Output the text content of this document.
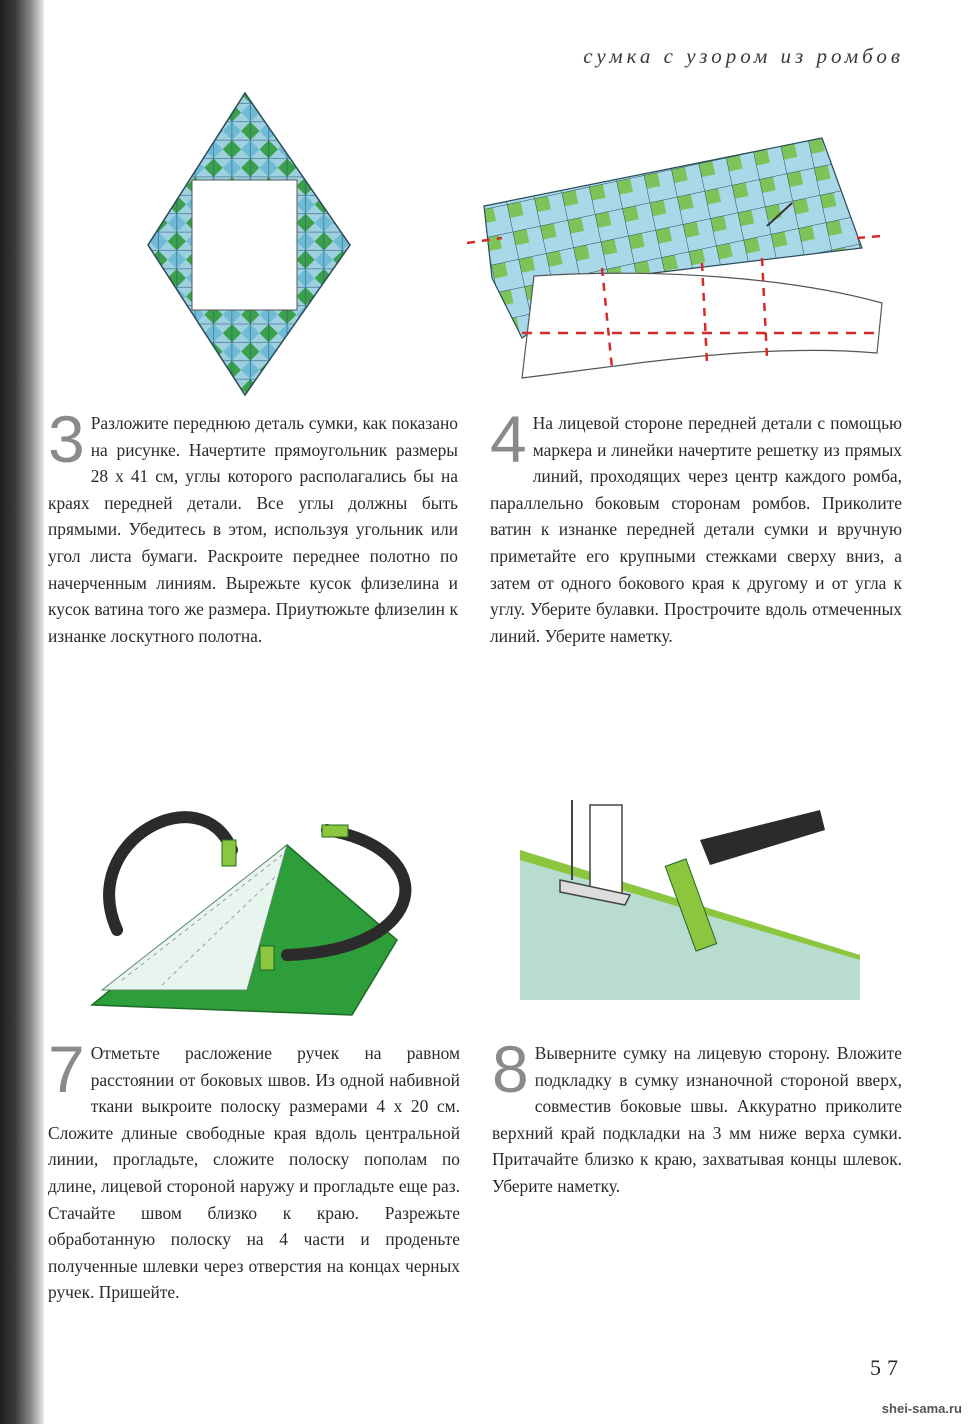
сумка с узором из ромбов
3 Разложите переднюю деталь сумки, как показано на рисунке. Начертите прямоугольник размеры 28 x 41 см, углы которого располагались бы на краях передней детали. Все углы должны быть прямыми. Убедитесь в этом, используя угольник или угол листа бумаги. Раскроите переднее полотно по начерченным линиям. Вырежьте кусок флизелина и кусок ватина того же размера. Приутюжьте флизелин к изнанке лоскутного полотна.
4 На лицевой стороне передней детали с помощью маркера и линейки начертите решетку из прямых линий, проходящих через центр каждого ромба, параллельно боковым сторонам ромбов. Приколите ватин к изнанке передней детали сумки и вручную приметайте его крупными стежками сверху вниз, а затем от одного бокового края к другому и от угла к углу. Уберите булавки. Прострочите вдоль отмеченных линий. Уберите наметку.
7 Отметьте расложение ручек на равном расстоянии от боковых швов. Из одной набивной ткани выкроите полоску размерами 4 x 20 см. Сложите длиные свободные края вдоль центральной линии, прогладьте, сложите полоску пополам по длине, лицевой стороной наружу и прогладьте еще раз. Стачайте швом близко к краю. Разрежьте обработанную полоску на 4 части и проденьте полученные шлевки через отверстия на концах черных ручек. Пришейте.
8 Выверните сумку на лицевую сторону. Вложите подкладку в сумку изнаночной стороной вверх, совместив боковые швы. Аккуратно приколите верхний край подкладки на 3 мм ниже верха сумки. Притачайте близко к краю, захватывая концы шлевок. Уберите наметку.
57
shei-sama.ru
